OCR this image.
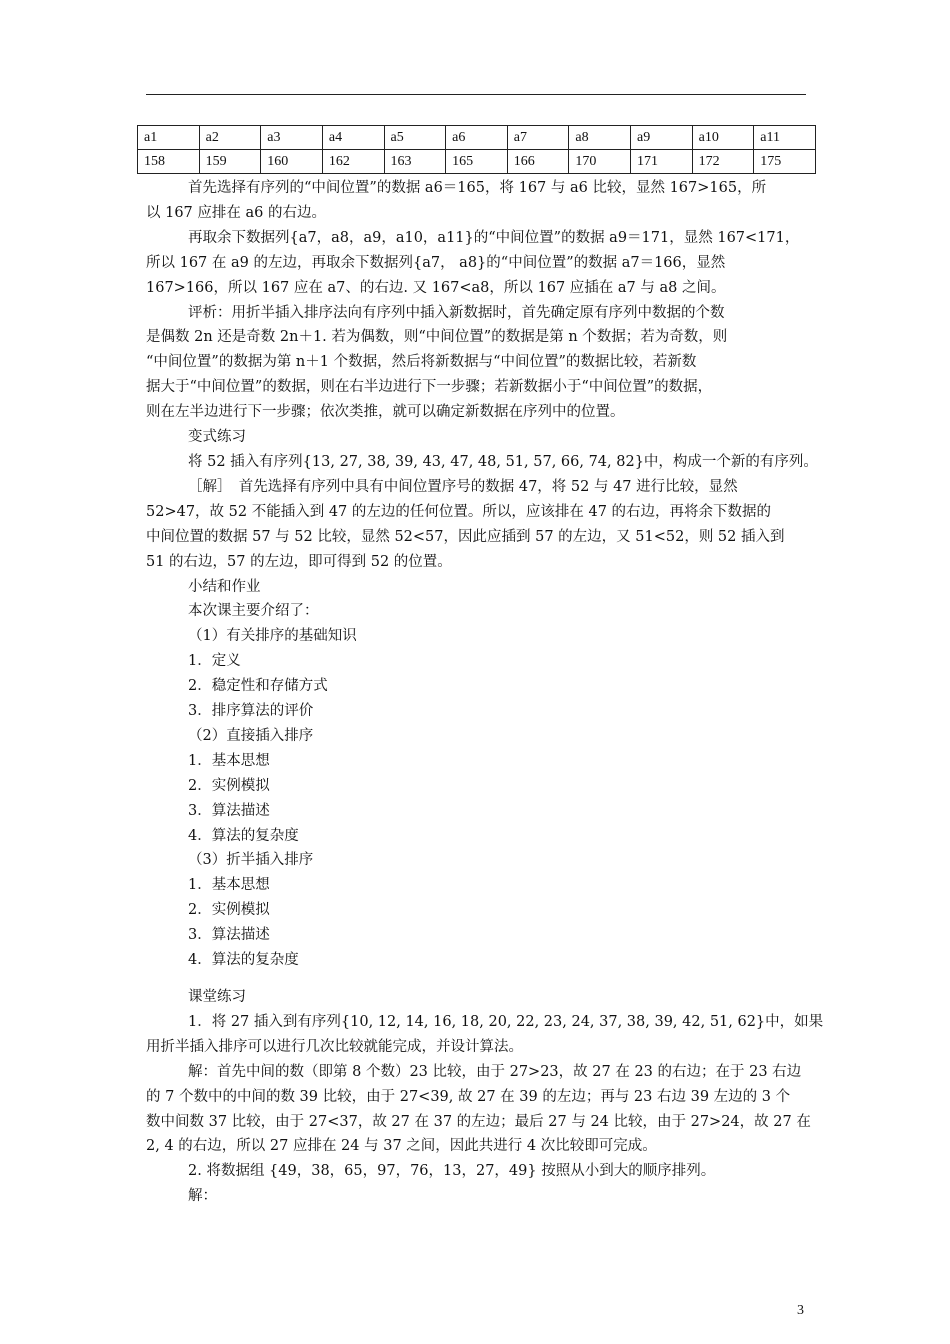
a1	a2	a3	a4	a5	a6	a7	a8	a9	a10	a11
158	159	160	162	163	165	166	170	171	172	175

首先选择有序列的“中间位置”的数据 a6＝165，将 167 与 a6 比较，显然 167>165，所

以 167 应排在 a6 的右边。

再取余下数据列{a7，a8，a9，a10，a11}的“中间位置”的数据 a9＝171，显然 167<171，

所以 167 在 a9 的左边，再取余下数据列{a7， a8}的“中间位置”的数据 a7＝166，显然

167>166，所以 167 应在 a7、的右边. 又 167<a8，所以 167 应插在 a7 与 a8 之间。

评析：用折半插入排序法向有序列中插入新数据时，首先确定原有序列中数据的个数

是偶数 2n 还是奇数 2n＋1. 若为偶数，则“中间位置”的数据是第 n 个数据；若为奇数，则

“中间位置”的数据为第 n＋1 个数据，然后将新数据与“中间位置”的数据比较，若新数

据大于“中间位置”的数据，则在右半边进行下一步骤；若新数据小于“中间位置”的数据，

则在左半边进行下一步骤；依次类推，就可以确定新数据在序列中的位置。

变式练习

将 52 插入有序列{13, 27, 38, 39, 43, 47, 48, 51, 57, 66, 74, 82}中，构成一个新的有序列。

［解］　首先选择有序列中具有中间位置序号的数据 47，将 52 与 47 进行比较，显然

52>47，故 52 不能插入到 47 的左边的任何位置。所以，应该排在 47 的右边，再将余下数据的

中间位置的数据 57 与 52 比较，显然 52<57，因此应插到 57 的左边，又 51<52，则 52 插入到

51 的右边，57 的左边，即可得到 52 的位置。

小结和作业

本次课主要介绍了：

（1）有关排序的基础知识

1．定义

2．稳定性和存储方式

3．排序算法的评价

（2）直接插入排序

1．基本思想

2．实例模拟

3．算法描述

4．算法的复杂度

（3）折半插入排序

1．基本思想

2．实例模拟

3．算法描述

4．算法的复杂度

课堂练习

1．将 27 插入到有序列{10, 12, 14, 16, 18, 20, 22, 23, 24, 37, 38, 39, 42, 51, 62}中，如果

用折半插入排序可以进行几次比较就能完成，并设计算法。

解：首先中间的数（即第 8 个数）23 比较，由于 27>23，故 27 在 23 的右边；在于 23 右边

的 7 个数中的中间的数 39 比较，由于 27<39, 故 27 在 39 的左边；再与 23 右边 39 左边的 3 个

数中间数 37 比较，由于 27<37，故 27 在 37 的左边；最后 27 与 24 比较，由于 27>24，故 27 在

2, 4 的右边，所以 27 应排在 24 与 37 之间，因此共进行 4 次比较即可完成。

2. 将数据组 {49，38，65，97，76，13，27，49} 按照从小到大的顺序排列。

解：

3
